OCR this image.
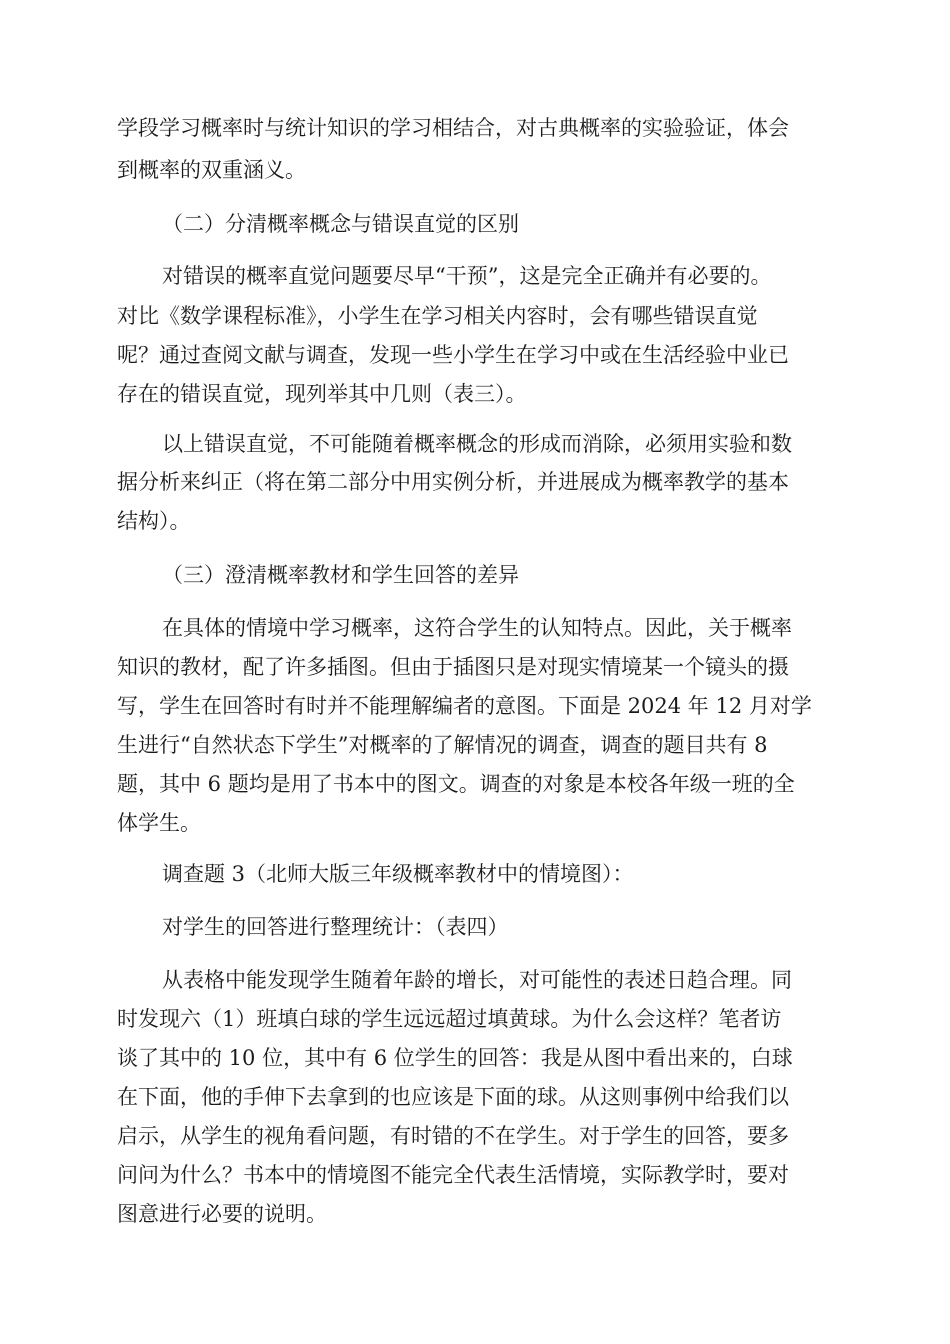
学段学习概率时与统计知识的学习相结合，对古典概率的实验验证，体会
到概率的双重涵义。
（二）分清概率概念与错误直觉的区别
对错误的概率直觉问题要尽早“干预”，这是完全正确并有必要的。
对比《数学课程标准》，小学生在学习相关内容时，会有哪些错误直觉
呢？通过查阅文献与调查，发现一些小学生在学习中或在生活经验中业已
存在的错误直觉，现列举其中几则（表三）。
以上错误直觉，不可能随着概率概念的形成而消除，必须用实验和数
据分析来纠正（将在第二部分中用实例分析，并进展成为概率教学的基本
结构）。
（三）澄清概率教材和学生回答的差异
在具体的情境中学习概率，这符合学生的认知特点。因此，关于概率
知识的教材，配了许多插图。但由于插图只是对现实情境某一个镜头的摄
写，学生在回答时有时并不能理解编者的意图。下面是 2024 年 12 月对学
生进行“自然状态下学生”对概率的了解情况的调查，调查的题目共有 8
题，其中 6 题均是用了书本中的图文。调查的对象是本校各年级一班的全
体学生。
调查题 3（北师大版三年级概率教材中的情境图）：
对学生的回答进行整理统计：（表四）
从表格中能发现学生随着年龄的增长，对可能性的表述日趋合理。同
时发现六（1）班填白球的学生远远超过填黄球。为什么会这样？笔者访
谈了其中的 10 位，其中有 6 位学生的回答：我是从图中看出来的，白球
在下面，他的手伸下去拿到的也应该是下面的球。从这则事例中给我们以
启示，从学生的视角看问题，有时错的不在学生。对于学生的回答，要多
问问为什么？书本中的情境图不能完全代表生活情境，实际教学时，要对
图意进行必要的说明。
